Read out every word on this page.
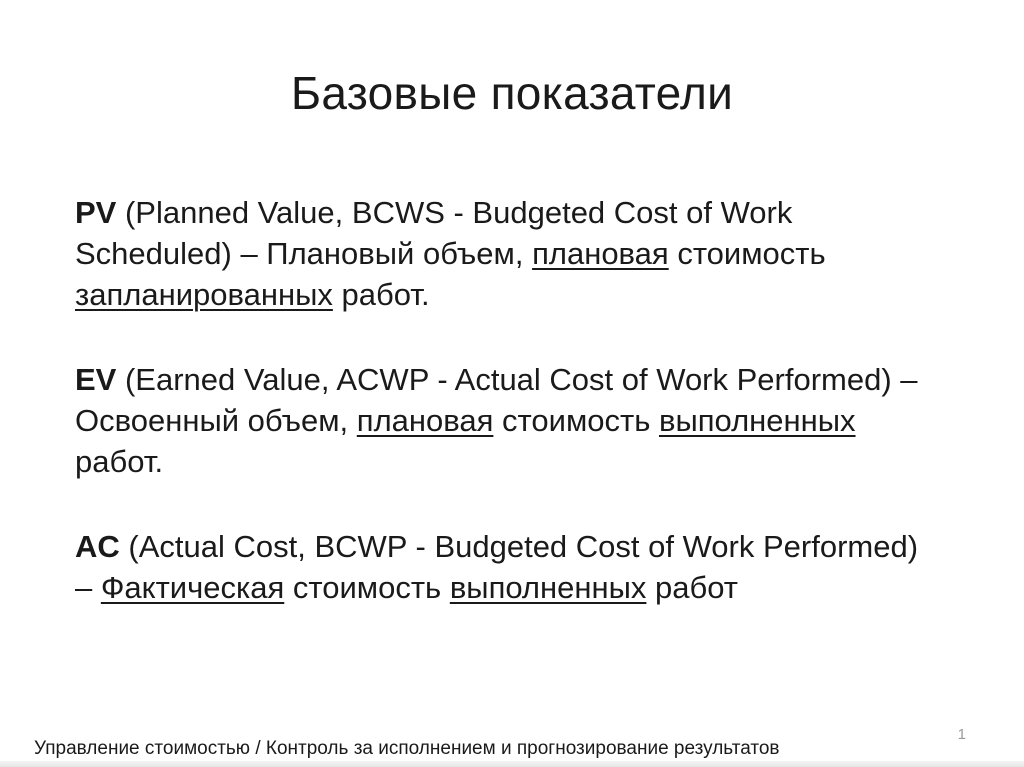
Базовые показатели

PV (Planned Value, BCWS - Budgeted Cost of Work Scheduled) – Плановый объем, плановая стоимость запланированных работ.

EV (Earned Value, ACWP - Actual Cost of Work Performed) – Освоенный объем, плановая стоимость выполненных работ.

AC (Actual Cost, BCWP - Budgeted Cost of Work Performed) – Фактическая стоимость выполненных работ

1
Управление стоимостью / Контроль за исполнением и прогнозирование результатов
